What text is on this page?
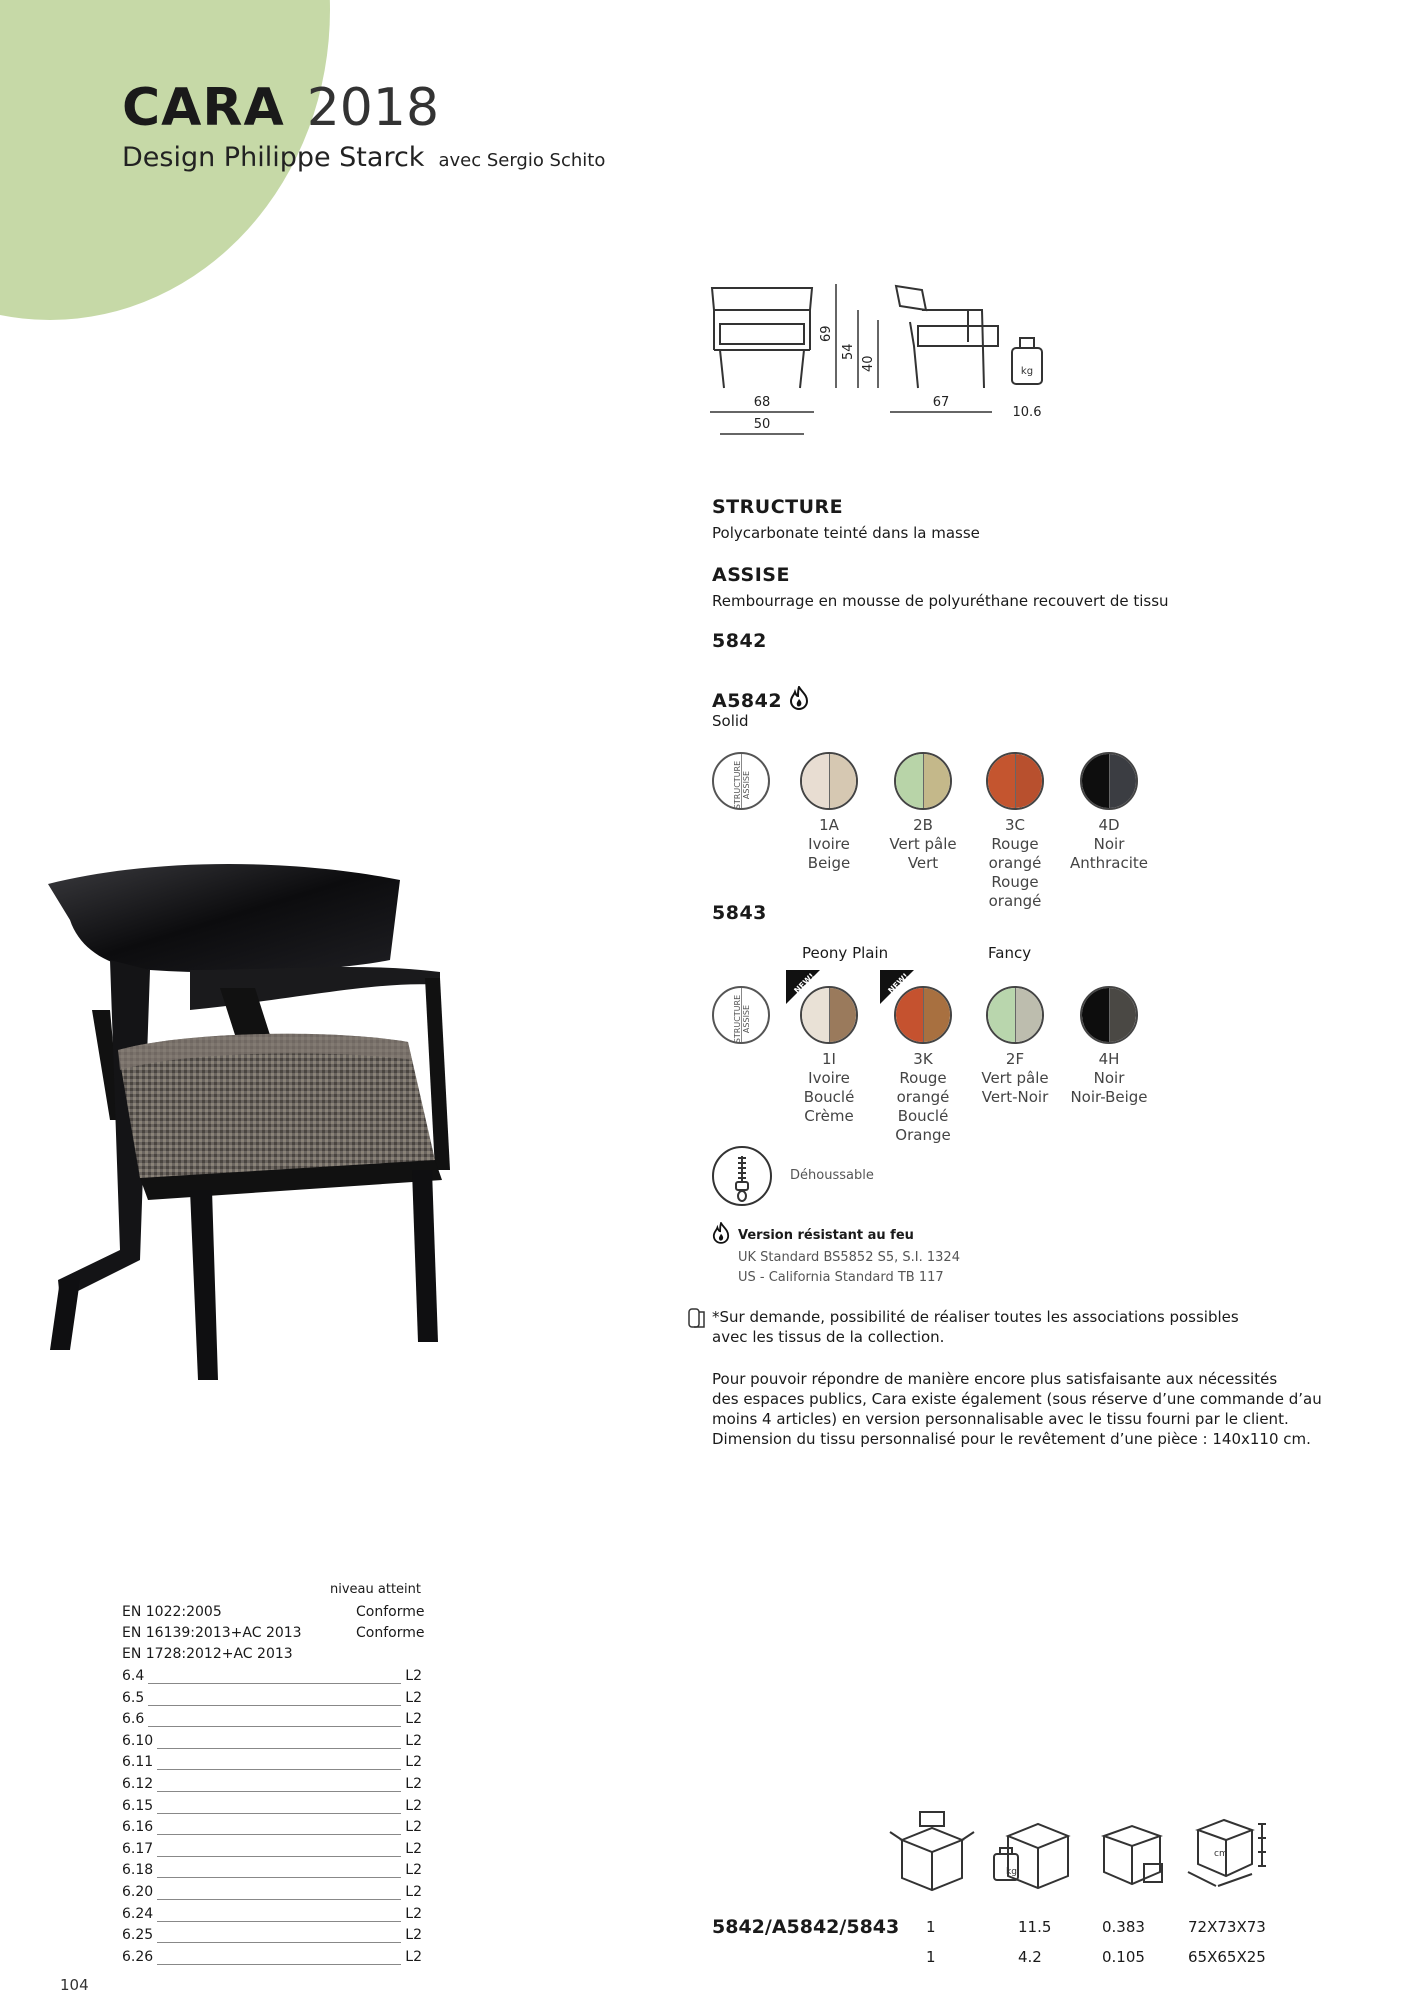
CARA 2018
Design Philippe Starck avec Sergio Schito
kg
68
50
67
10.6
69
54
40
STRUCTURE
Polycarbonate teinté dans la masse
ASSISE
Rembourrage en mousse de polyuréthane recouvert de tissu
5842
A5842
Solid
STRUCTURE ASSISE
1A
Ivoire
Beige
2B
Vert pâle
Vert
3C
Rouge orangé
Rouge orangé
4D
Noir
Anthracite
5843
Peony Plain	Fancy
STRUCTURE ASSISE
1I
Ivoire
Bouclé
Crème
3K
Rouge orangé
Bouclé Orange
2F
Vert pâle
Vert-Noir
4H
Noir
Noir-Beige
NEW!	NEW!
Déhoussable
Version résistant au feu
UK Standard BS5852 S5, S.I. 1324
US - California Standard TB 117
*Sur demande, possibilité de réaliser toutes les associations possibles
avec les tissus de la collection.
Pour pouvoir répondre de manière encore plus satisfaisante aux nécessités
des espaces publics, Cara existe également (sous réserve d’une commande d’au
moins 4 articles) en version personnalisable avec le tissu fourni par le client.
Dimension du tissu personnalisé pour le revêtement d’une pièce : 140x110 cm.
niveau atteint
EN 1022:2005	Conforme
EN 16139:2013+AC 2013	Conforme
EN 1728:2012+AC 2013
6.4	L2
6.5	L2
6.6	L2
6.10	L2
6.11	L2
6.12	L2
6.15	L2
6.16	L2
6.17	L2
6.18	L2
6.20	L2
6.24	L2
6.25	L2
6.26	L2
104
kg
cm
5842/A5842/5843 1	11.5	0.383	72X73X73
1	4.2	0.105	65X65X25
